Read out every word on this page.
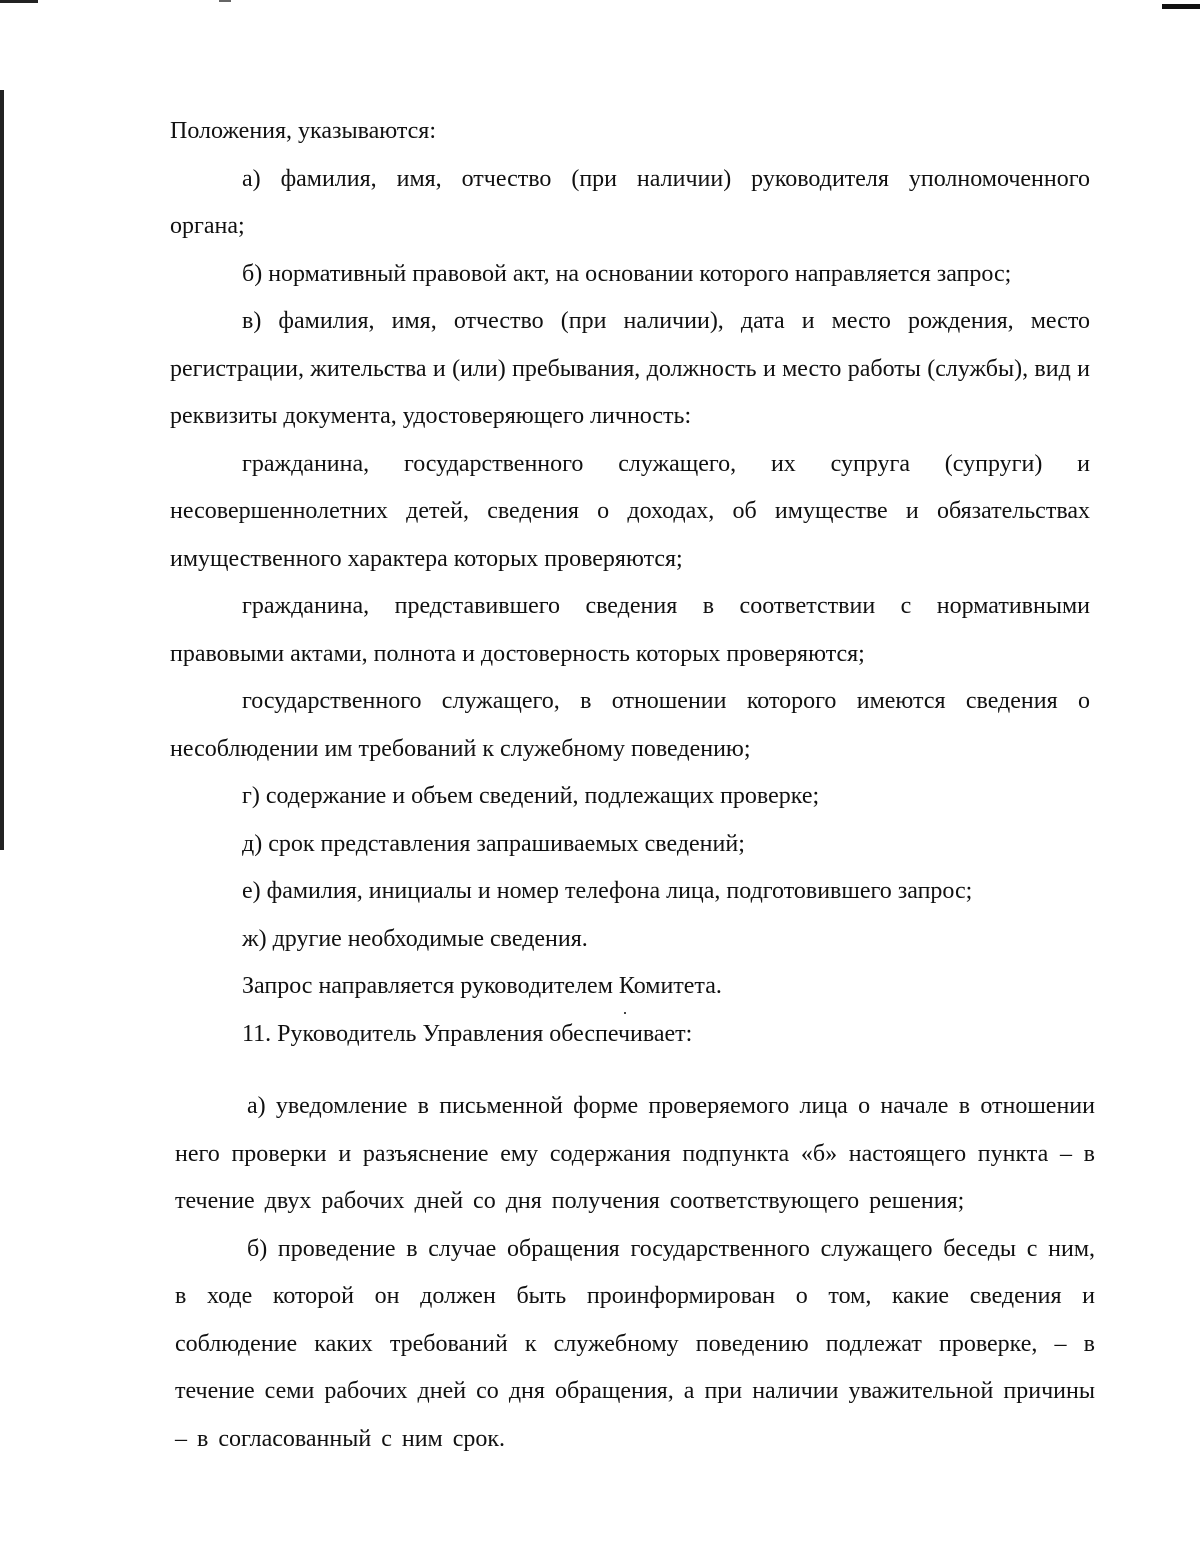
Положения, указываются:

а) фамилия, имя, отчество (при наличии) руководителя уполномоченного органа;

б) нормативный правовой акт, на основании которого направляется запрос;

в) фамилия, имя, отчество (при наличии), дата и место рождения, место регистрации, жительства и (или) пребывания, должность и место работы (службы), вид и реквизиты документа, удостоверяющего личность:

гражданина, государственного служащего, их супруга (супруги) и несовершеннолетних детей, сведения о доходах, об имуществе и обязательствах имущественного характера которых проверяются;

гражданина, представившего сведения в соответствии с нормативными правовыми актами, полнота и достоверность которых проверяются;

государственного служащего, в отношении которого имеются сведения о несоблюдении им требований к служебному поведению;

г) содержание и объем сведений, подлежащих проверке;

д) срок представления запрашиваемых сведений;

е) фамилия, инициалы и номер телефона лица, подготовившего запрос;

ж) другие необходимые сведения.

Запрос направляется руководителем Комитета.

11. Руководитель Управления обеспечивает:

а) уведомление в письменной форме проверяемого лица о начале в отношении него проверки и разъяснение ему содержания подпункта «б» настоящего пункта – в течение двух рабочих дней со дня получения соответствующего решения;

б) проведение в случае обращения государственного служащего беседы с ним, в ходе которой он должен быть проинформирован о том, какие сведения и соблюдение каких требований к служебному поведению подлежат проверке, – в течение семи рабочих дней со дня обращения, а при наличии уважительной причины – в согласованный с ним срок.
